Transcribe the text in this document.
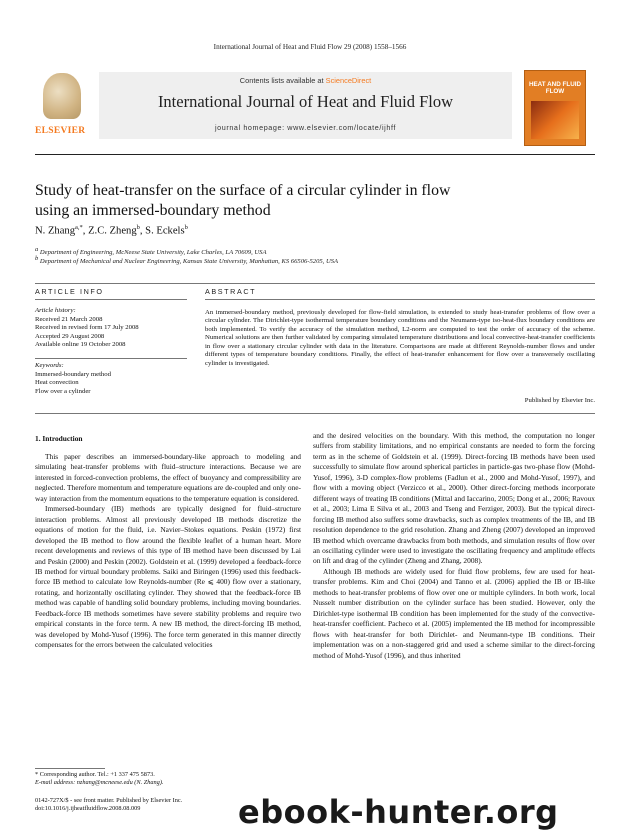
International Journal of Heat and Fluid Flow 29 (2008) 1558–1566
ELSEVIER
Contents lists available at ScienceDirect
International Journal of Heat and Fluid Flow
journal homepage: www.elsevier.com/locate/ijhff
HEAT AND FLUID FLOW
Study of heat-transfer on the surface of a circular cylinder in flow
using an immersed-boundary method
N. Zhang$^{a,*}$, Z.C. Zheng$^b$, S. Eckels$^b$
a Department of Engineering, McNeese State University, Lake Charles, LA 70609, USA
b Department of Mechanical and Nuclear Engineering, Kansas State University, Manhattan, KS 66506-5205, USA
ARTICLE INFO	ABSTRACT
Article history:
Received 21 March 2008
Received in revised form 17 July 2008
Accepted 29 August 2008
Available online 19 October 2008
Keywords:
Immersed-boundary method
Heat convection
Flow over a cylinder
An immersed-boundary method, previously developed for flow-field simulation, is extended to study heat-transfer problems of flow over a circular cylinder. The Dirichlet-type isothermal temperature boundary conditions and the Neumann-type iso-heat-flux boundary conditions are both implemented. To verify the accuracy of the simulation method, L2-norm are computed to test the order of accuracy of the scheme. Numerical solutions are then further validated by comparing simulated temperature distributions and local convective-heat-transfer coefficients in flow over a stationary circular cylinder with data in the literature. Comparisons are made at different Reynolds-number flows and under different types of temperature boundary conditions. Finally, the effect of heat-transfer enhancement for flow over a transversely oscillating cylinder is investigated.
Published by Elsevier Inc.
1. Introduction

This paper describes an immersed-boundary-like approach to modeling and simulating heat-transfer problems with fluid–structure interactions. Because we are interested in forced-convection problems, the effect of buoyancy and compressibility are neglected. Therefore momentum and temperature equations are de-coupled and only one-way interaction from the momentum equations to the temperature equation is considered.

Immersed-boundary (IB) methods are typically designed for fluid–structure interaction problems. Almost all previously developed IB methods discretize the equations of motion for the fluid, i.e. Navier–Stokes equations. Peskin (1972) first developed the IB method to flow around the flexible leaflet of a human heart. More recent developments and reviews of this type of IB method have been discussed by Lai and Peskin (2000) and Peskin (2002). Goldstein et al. (1999) developed a feedback-force IB method for virtual boundary problems. Saiki and Biringen (1996) used this feedback-force IB method to calculate low Reynolds-number (Re ⩽ 400) flow over a stationary, rotating, and horizontally oscillating cylinder. They showed that the feedback-force IB method was capable of handling solid boundary problems, including moving boundaries. Feedback-force IB methods sometimes have severe stability problems and require two empirical constants in the force term. A new IB method, the direct-forcing IB method, was developed by Mohd-Yusof (1996). The force term generated in this manner directly compensates for the errors between the calculated velocities

and the desired velocities on the boundary. With this method, the computation no longer suffers from stability limitations, and no empirical constants are needed to form the forcing term as in the scheme of Goldstein et al. (1999). Direct-forcing IB methods have been used successfully to simulate flow around spherical particles in particle-gas two-phase flow (Mohd-Yusof, 1996), 3-D complex-flow problems (Fadlun et al., 2000 and Mohd-Yusof, 1997), and flow with a moving object (Verzicco et al., 2000). Other direct-forcing methods incorporate different ways of treating IB conditions (Mittal and Iaccarino, 2005; Dong et al., 2006; Ravoux et al., 2003; Lima E Silva et al., 2003 and Tseng and Ferziger, 2003). But the typical direct-forcing IB method also suffers some drawbacks, such as complex treatments of the IB, and IB resolution dependence to the grid resolution. Zhang and Zheng (2007) developed an improved IB method which overcame drawbacks from both methods, and simulation results of flow over an oscillating cylinder were used to investigate the oscillating frequency and amplitude effects on lift and drag of the cylinder (Zheng and Zhang, 2008).

Although IB methods are widely used for fluid flow problems, few are used for heat-transfer problems. Kim and Choi (2004) and Tanno et al. (2006) applied the IB or IB-like methods to heat-transfer problems of flow over one or multiple cylinders. In both work, local Nusselt number distribution on the cylinder surface has been studied. However, only the Dirichlet-type isothermal IB condition has been implemented for the study of the convective-heat-transfer coefficient. Pacheco et al. (2005) implemented the IB method for incompressible flows with heat-transfer for both Dirichlet- and Neumann-type IB conditions. Their implementation was on a non-staggered grid and used a scheme similar to the direct-forcing method of Mohd-Yusof (1996), and thus inherited

* Corresponding author. Tel.: +1 337 475 5873.
E-mail address: nzhang@mcneese.edu (N. Zhang).
0142-727X/$ - see front matter. Published by Elsevier Inc.
doi:10.1016/j.ijheatfluidflow.2008.08.009	ebook-hunter.org
